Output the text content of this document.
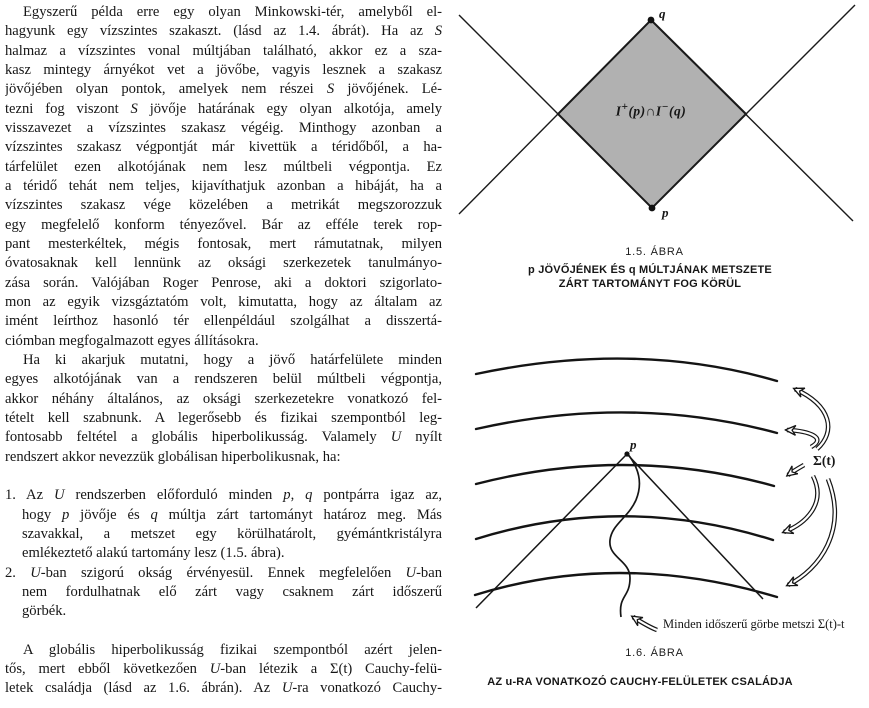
Egyszerű példa erre egy olyan Minkowski-tér, amelyből el-
hagyunk egy vízszintes szakaszt. (lásd az 1.4. ábrát). Ha az S
halmaz a vízszintes vonal múltjában található, akkor ez a sza-
kasz mintegy árnyékot vet a jövőbe, vagyis lesznek a szakasz
jövőjében olyan pontok, amelyek nem részei S jövőjének. Lé-
tezni fog viszont S jövője határának egy olyan alkotója, amely
visszavezet a vízszintes szakasz végéig. Minthogy azonban a
vízszintes szakasz végpontját már kivettük a téridőből, a ha-
tárfelület ezen alkotójának nem lesz múltbeli végpontja. Ez
a téridő tehát nem teljes, kijavíthatjuk azonban a hibáját, ha a
vízszintes szakasz vége közelében a metrikát megszorozzuk
egy megfelelő konform tényezővel. Bár az efféle terek rop-
pant mesterkéltek, mégis fontosak, mert rámutatnak, milyen
óvatosaknak kell lennünk az oksági szerkezetek tanulmányo-
zása során. Valójában Roger Penrose, aki a doktori szigorlato-
mon az egyik vizsgáztatóm volt, kimutatta, hogy az általam az
imént leírthoz hasonló tér ellenpéldául szolgálhat a disszertá-
ciómban megfogalmazott egyes állításokra.
Ha ki akarjuk mutatni, hogy a jövő határfelülete minden
egyes alkotójának van a rendszeren belül múltbeli végpontja,
akkor néhány általános, az oksági szerkezetekre vonatkozó fel-
tételt kell szabnunk. A legerősebb és fizikai szempontból leg-
fontosabb feltétel a globális hiperbolikusság. Valamely U nyílt
rendszert akkor nevezzük globálisan hiperbolikusnak, ha:
1. Az U rendszerben előforduló minden p, q pontpárra igaz az,
hogy p jövője és q múltja zárt tartományt határoz meg. Más
szavakkal, a metszet egy körülhatárolt, gyémántkristályra
emlékeztető alakú tartomány lesz (1.5. ábra).
2. U-ban szigorú okság érvényesül. Ennek megfelelően U-ban
nem fordulhatnak elő zárt vagy csaknem zárt időszerű
görbék.
A globális hiperbolikusság fizikai szempontból azért jelen-
tős, mert ebből következően U-ban létezik a Σ(t) Cauchy-felü-
letek családja (lásd az 1.6. ábrán). Az U-ra vonatkozó Cauchy-
q
p
I+(p)∩I−(q)
1.5. ÁBRA
p JÖVŐJÉNEK ÉS q MÚLTJÁNAK METSZETE
ZÁRT TARTOMÁNYT FOG KÖRÜL
p
Σ(t)
Minden időszerű görbe metszi Σ(t)-t
1.6. ÁBRA
AZ u-RA VONATKOZÓ CAUCHY-FELÜLETEK CSALÁDJA
